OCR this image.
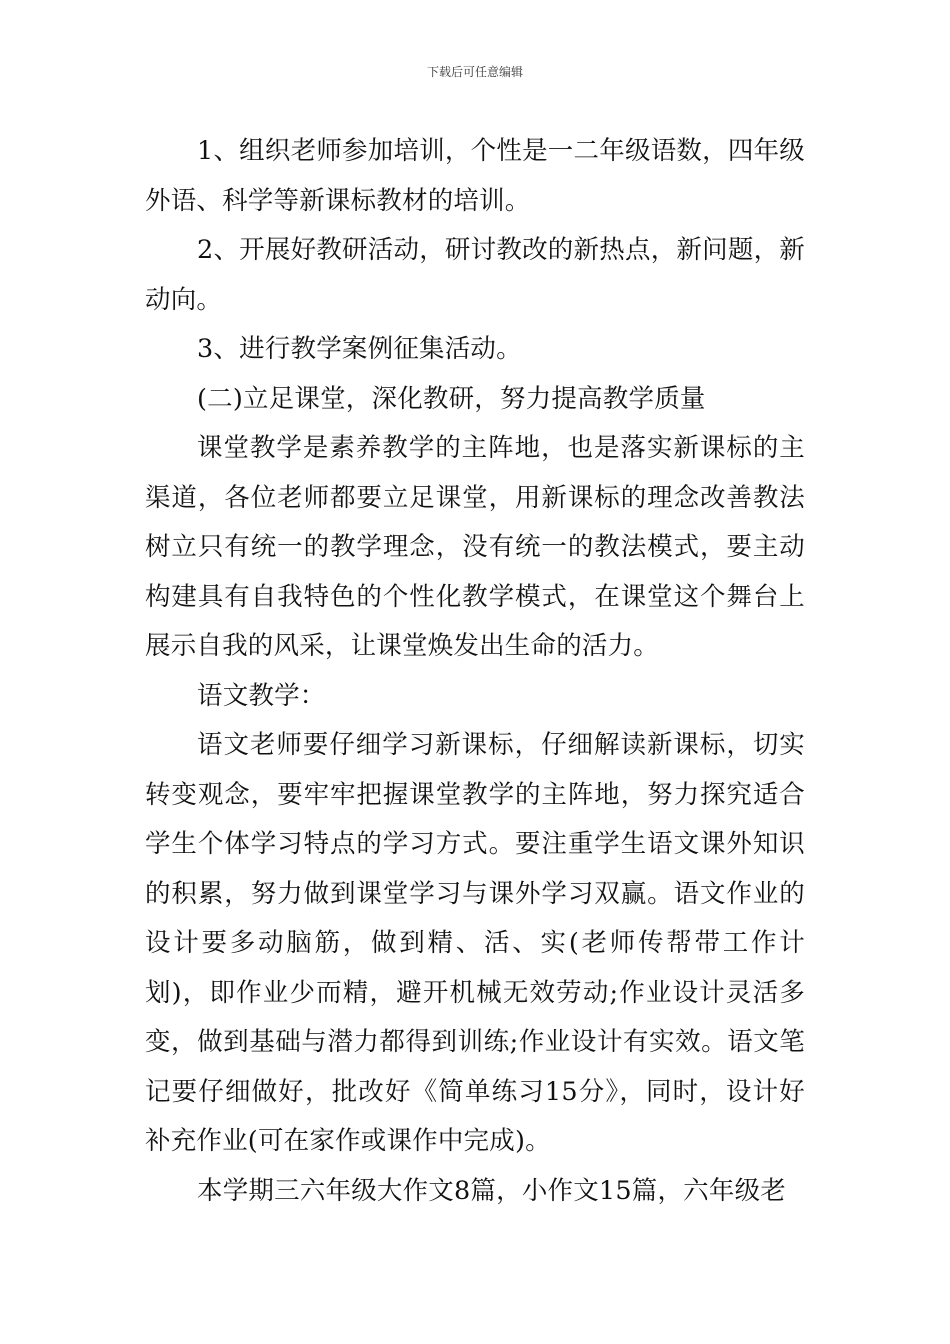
下载后可任意编辑

1、组织老师参加培训，个性是一二年级语数，四年级外语、科学等新课标教材的培训。

2、开展好教研活动，研讨教改的新热点，新问题，新动向。

3、进行教学案例征集活动。

(二)立足课堂，深化教研，努力提高教学质量

课堂教学是素养教学的主阵地，也是落实新课标的主渠道，各位老师都要立足课堂，用新课标的理念改善教法树立只有统一的教学理念，没有统一的教法模式，要主动构建具有自我特色的个性化教学模式，在课堂这个舞台上展示自我的风采，让课堂焕发出生命的活力。

语文教学：

语文老师要仔细学习新课标，仔细解读新课标，切实转变观念，要牢牢把握课堂教学的主阵地，努力探究适合学生个体学习特点的学习方式。要注重学生语文课外知识的积累，努力做到课堂学习与课外学习双赢。语文作业的设计要多动脑筋，做到精、活、实(老师传帮带工作计划)，即作业少而精，避开机械无效劳动;作业设计灵活多变，做到基础与潜力都得到训练;作业设计有实效。语文笔记要仔细做好，批改好《简单练习15分》，同时，设计好补充作业(可在家作或课作中完成)。

本学期三六年级大作文8篇，小作文15篇，六年级老
